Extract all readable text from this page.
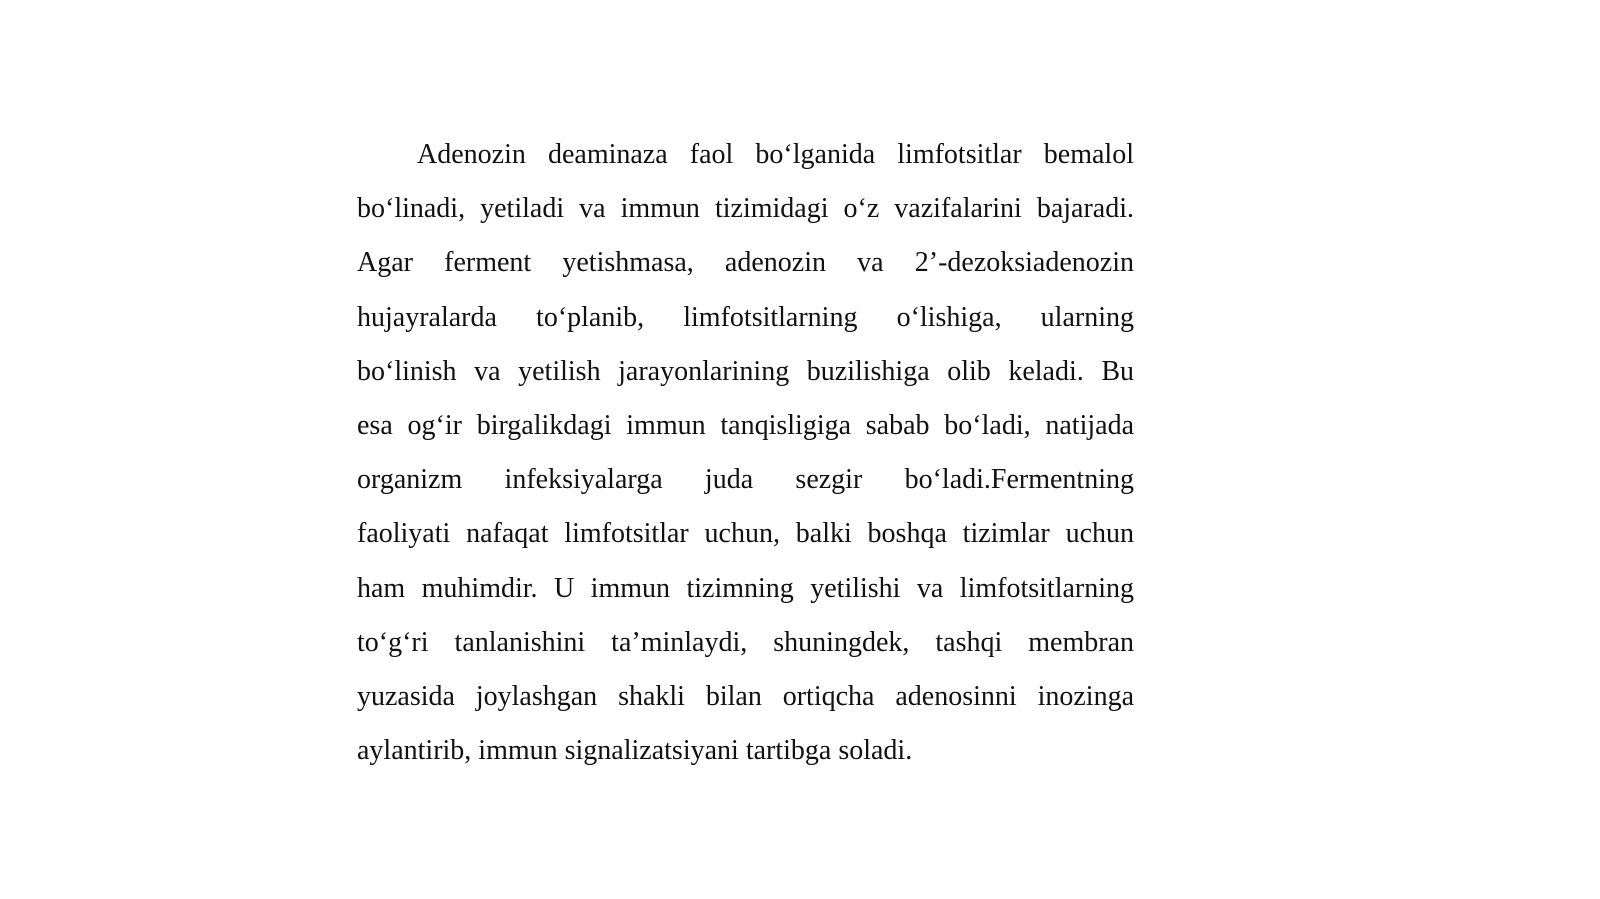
Adenozin deaminaza faol bo‘lganida limfotsitlar bemalol
bo‘linadi, yetiladi va immun tizimidagi o‘z vazifalarini bajaradi.
Agar ferment yetishmasa, adenozin va 2’-dezoksiadenozin
hujayralarda to‘planib, limfotsitlarning o‘lishiga, ularning
bo‘linish va yetilish jarayonlarining buzilishiga olib keladi. Bu
esa og‘ir birgalikdagi immun tanqisligiga sabab bo‘ladi, natijada
organizm infeksiyalarga juda sezgir bo‘ladi.Fermentning
faoliyati nafaqat limfotsitlar uchun, balki boshqa tizimlar uchun
ham muhimdir. U immun tizimning yetilishi va limfotsitlarning
to‘g‘ri tanlanishini ta’minlaydi, shuningdek, tashqi membran
yuzasida joylashgan shakli bilan ortiqcha adenosinni inozinga
aylantirib, immun signalizatsiyani tartibga soladi.
